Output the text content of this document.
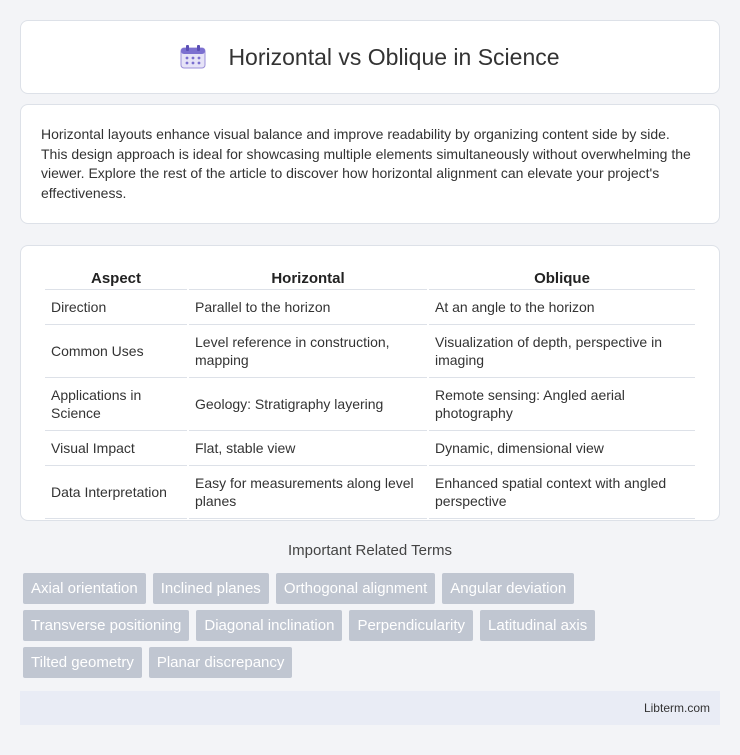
Horizontal vs Oblique in Science

Horizontal layouts enhance visual balance and improve readability by organizing content side by side. This design approach is ideal for showcasing multiple elements simultaneously without overwhelming the viewer. Explore the rest of the article to discover how horizontal alignment can elevate your project's effectiveness.

Aspect	Horizontal	Oblique
Direction	Parallel to the horizon	At an angle to the horizon
Common Uses	Level reference in construction, mapping	Visualization of depth, perspective in imaging
Applications in Science	Geology: Stratigraphy layering	Remote sensing: Angled aerial photography
Visual Impact	Flat, stable view	Dynamic, dimensional view
Data Interpretation	Easy for measurements along level planes	Enhanced spatial context with angled perspective
Important Related Terms
Axial orientation	Inclined planes	Orthogonal alignment	Angular deviation
Transverse positioning	Diagonal inclination	Perpendicularity	Latitudinal axis
Tilted geometry	Planar discrepancy
Libterm.com
